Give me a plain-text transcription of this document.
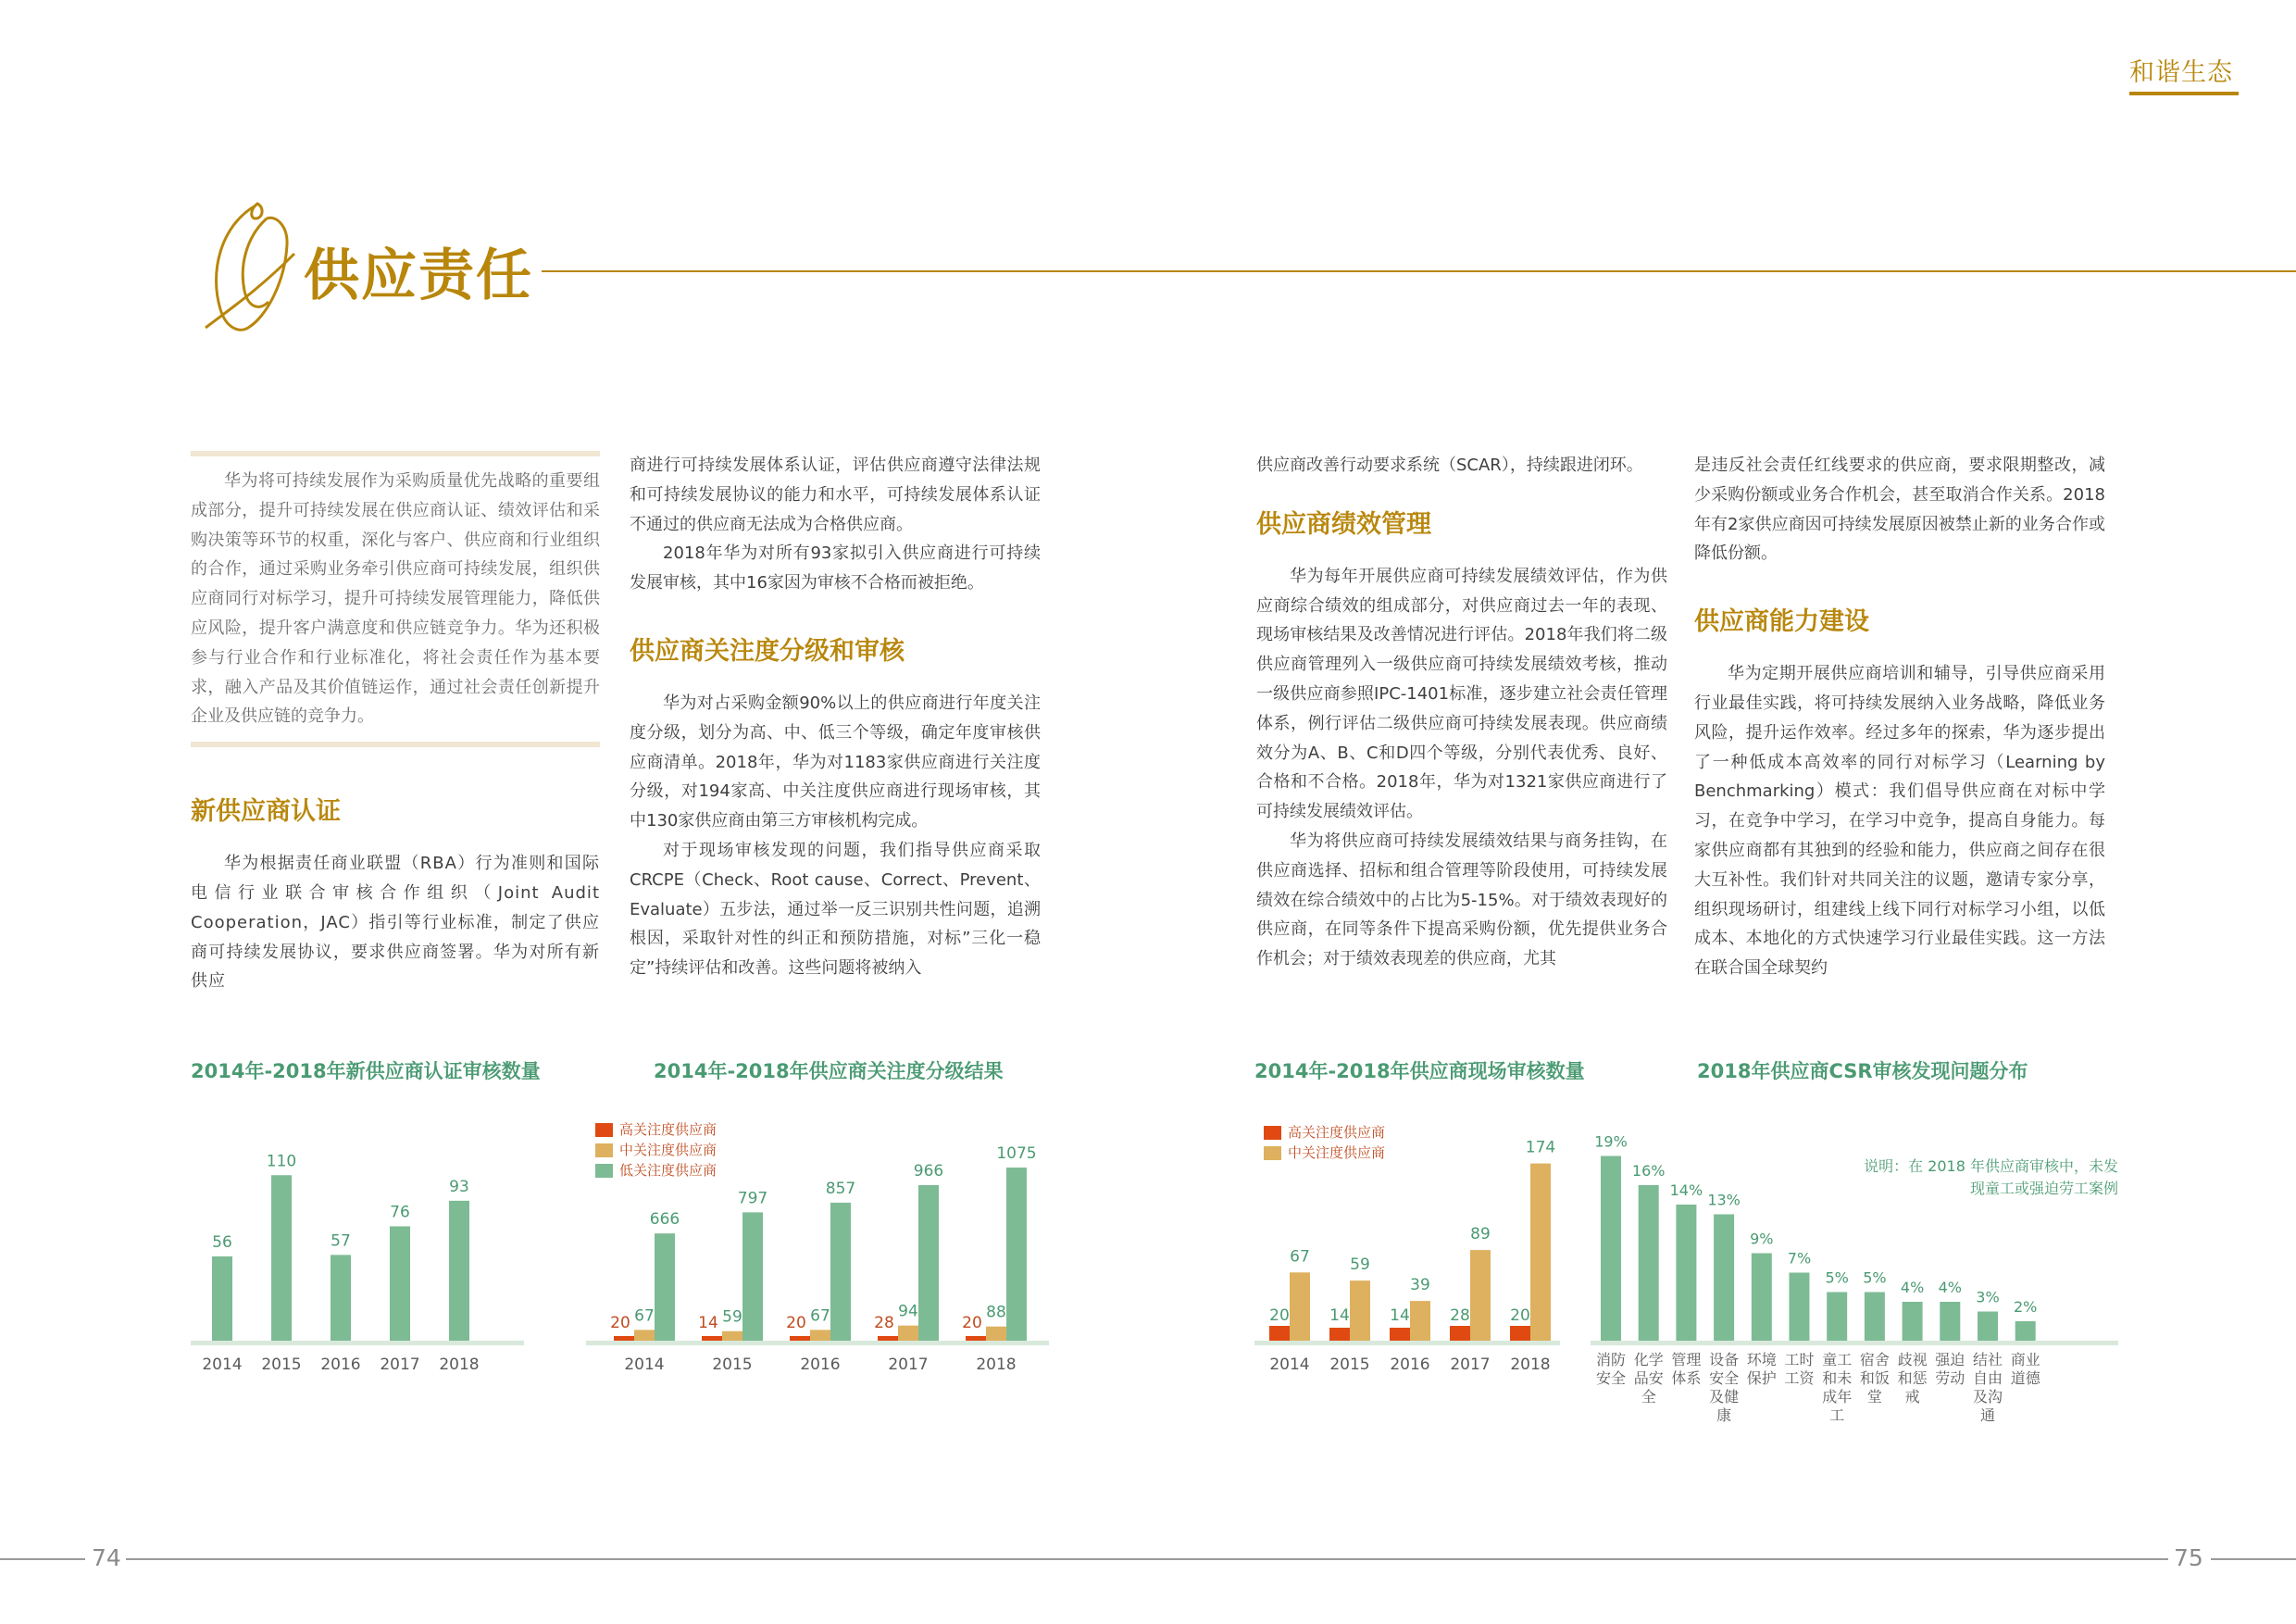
和谐生态
供应责任

华为将可持续发展作为采购质量优先战略的重要组成部分，提升可持续发展在供应商认证、绩效评估和采购决策等环节的权重，深化与客户、供应商和行业组织的合作，通过采购业务牵引供应商可持续发展，组织供应商同行对标学习，提升可持续发展管理能力，降低供应风险，提升客户满意度和供应链竞争力。华为还积极参与行业合作和行业标准化，将社会责任作为基本要求，融入产品及其价值链运作，通过社会责任创新提升企业及供应链的竞争力。

新供应商认证

华为根据责任商业联盟（RBA）行为准则和国际电信行业联合审核合作组织（Joint Audit Cooperation，JAC）指引等行业标准，制定了供应商可持续发展协议，要求供应商签署。华为对所有新供应

商进行可持续发展体系认证，评估供应商遵守法律法规和可持续发展协议的能力和水平，可持续发展体系认证不通过的供应商无法成为合格供应商。

2018年华为对所有93家拟引入供应商进行可持续发展审核，其中16家因为审核不合格而被拒绝。

供应商关注度分级和审核

华为对占采购金额90%以上的供应商进行年度关注度分级，划分为高、中、低三个等级，确定年度审核供应商清单。2018年，华为对1183家供应商进行关注度分级，对194家高、中关注度供应商进行现场审核，其中130家供应商由第三方审核机构完成。

对于现场审核发现的问题，我们指导供应商采取CRCPE（Check、Root cause、Correct、Prevent、Evaluate）五步法，通过举一反三识别共性问题，追溯根因，采取针对性的纠正和预防措施，对标”三化一稳定”持续评估和改善。这些问题将被纳入

供应商改善行动要求系统（SCAR），持续跟进闭环。

供应商绩效管理

华为每年开展供应商可持续发展绩效评估，作为供应商综合绩效的组成部分，对供应商过去一年的表现、现场审核结果及改善情况进行评估。2018年我们将二级供应商管理列入一级供应商可持续发展绩效考核，推动一级供应商参照IPC-1401标准，逐步建立社会责任管理体系，例行评估二级供应商可持续发展表现。供应商绩效分为A、B、C和D四个等级，分别代表优秀、良好、合格和不合格。2018年，华为对1321家供应商进行了可持续发展绩效评估。

华为将供应商可持续发展绩效结果与商务挂钩，在供应商选择、招标和组合管理等阶段使用，可持续发展绩效在综合绩效中的占比为5-15%。对于绩效表现好的供应商，在同等条件下提高采购份额，优先提供业务合作机会；对于绩效表现差的供应商，尤其

是违反社会责任红线要求的供应商，要求限期整改，减少采购份额或业务合作机会，甚至取消合作关系。2018年有2家供应商因可持续发展原因被禁止新的业务合作或降低份额。

供应商能力建设

华为定期开展供应商培训和辅导，引导供应商采用行业最佳实践，将可持续发展纳入业务战略，降低业务风险，提升运作效率。经过多年的探索，华为逐步提出了一种低成本高效率的同行对标学习（Learning by Benchmarking）模式：我们倡导供应商在对标中学习，在竞争中学习，在学习中竞争，提高自身能力。每家供应商都有其独到的经验和能力，供应商之间存在很大互补性。我们针对共同关注的议题，邀请专家分享，组织现场研讨，组建线上线下同行对标学习小组，以低成本、本地化的方式快速学习行业最佳实践。这一方法在联合国全球契约

2014年-2018年新供应商认证审核数量	2014年-2018年供应商关注度分级结果	2014年-2018年供应商现场审核数量	2018年供应商CSR审核发现问题分布
高关注度供应商
中关注度供应商
低关注度供应商
高关注度供应商
中关注度供应商
说明：在 2018 年供应商审核中，未发现童工或强迫劳工案例
56
2014
110
2015
57
2016
76
2017
93
2018
20 67
666
2014
14 59
797
2015
20 67
857
2016
28
94
966
2017
20
88
1075
2018
20
67
2014
14
59
2015
14
39
2016
28
89
2017
20
174
2018
19%
消防
安全
16%
化学
品安
全
14%
管理
体系
13%
设备
安全
及健
康
9%
环境
保护
7%
工时
工资
5%
童工
和未
成年
工
5%
宿舍
和饭
堂
4%
歧视
和惩
戒
4%
强迫
劳动
3%
结社
自由
及沟
通
2%
商业
道德
74	75
